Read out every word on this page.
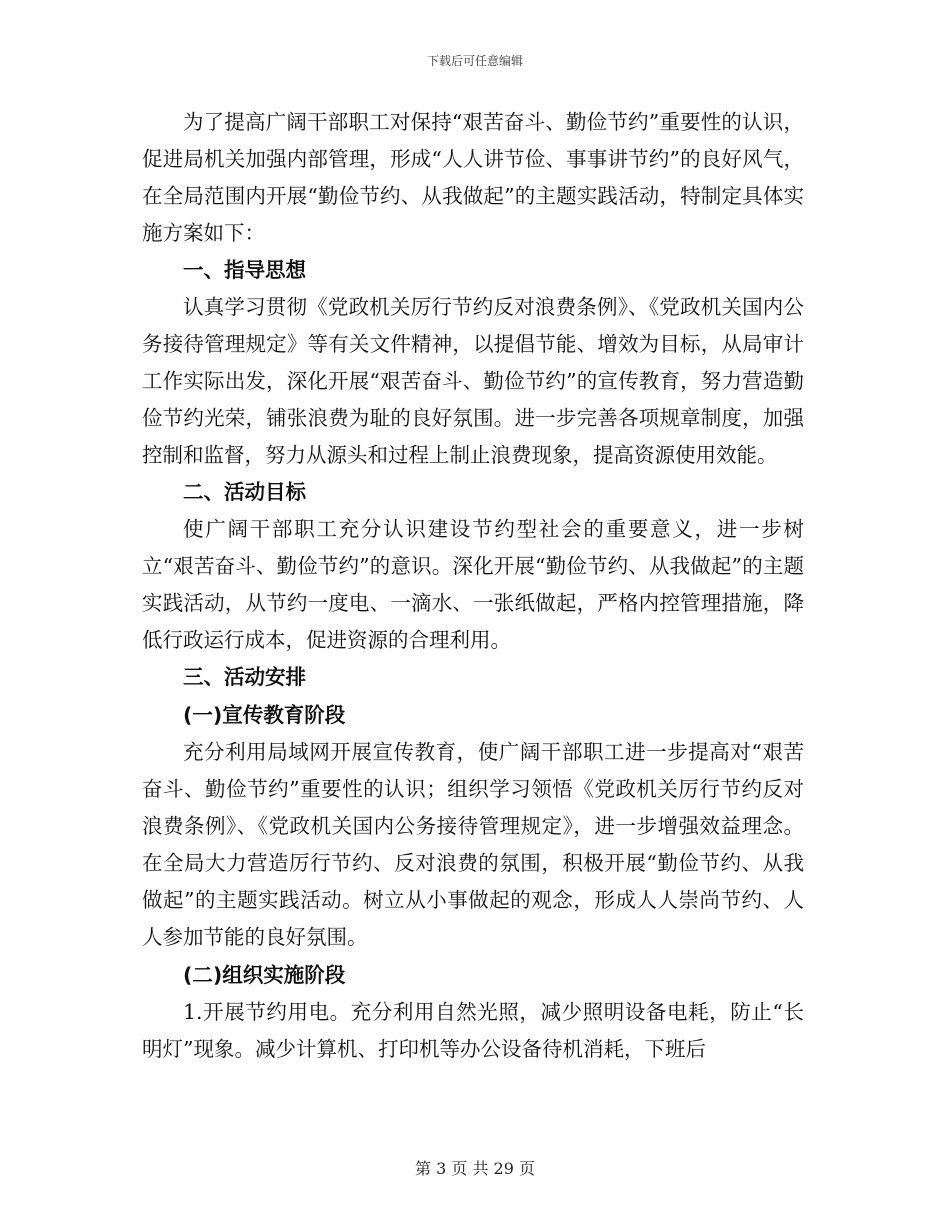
下载后可任意编辑

为了提高广阔干部职工对保持“艰苦奋斗、勤俭节约”重要性的认识，促进局机关加强内部管理，形成“人人讲节俭、事事讲节约”的良好风气，在全局范围内开展“勤俭节约、从我做起”的主题实践活动，特制定具体实施方案如下：

一、指导思想

认真学习贯彻《党政机关厉行节约反对浪费条例》、《党政机关国内公务接待管理规定》等有关文件精神，以提倡节能、增效为目标，从局审计工作实际出发，深化开展“艰苦奋斗、勤俭节约”的宣传教育，努力营造勤俭节约光荣，铺张浪费为耻的良好氛围。进一步完善各项规章制度，加强控制和监督，努力从源头和过程上制止浪费现象，提高资源使用效能。

二、活动目标

使广阔干部职工充分认识建设节约型社会的重要意义，进一步树立“艰苦奋斗、勤俭节约”的意识。深化开展“勤俭节约、从我做起”的主题实践活动，从节约一度电、一滴水、一张纸做起，严格内控管理措施，降低行政运行成本，促进资源的合理利用。

三、活动安排

(一)宣传教育阶段

充分利用局域网开展宣传教育，使广阔干部职工进一步提高对“艰苦奋斗、勤俭节约”重要性的认识；组织学习领悟《党政机关厉行节约反对浪费条例》、《党政机关国内公务接待管理规定》，进一步增强效益理念。在全局大力营造厉行节约、反对浪费的氛围，积极开展“勤俭节约、从我做起”的主题实践活动。树立从小事做起的观念，形成人人崇尚节约、人人参加节能的良好氛围。

(二)组织实施阶段

1.开展节约用电。充分利用自然光照，减少照明设备电耗，防止“长明灯”现象。减少计算机、打印机等办公设备待机消耗，下班后

第 3 页 共 29 页
